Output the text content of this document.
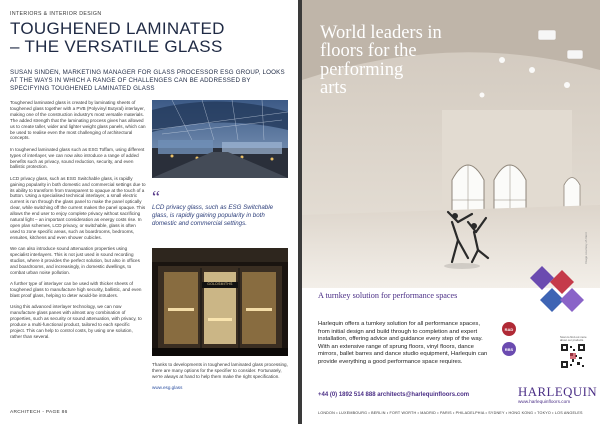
INTERIORS & INTERIOR DESIGN
TOUGHENED LAMINATED
– THE VERSATILE GLASS
SUSAN SINDEN, MARKETING MANAGER FOR GLASS PROCESSOR ESG GROUP, LOOKS AT THE WAYS IN WHICH A RANGE OF CHALLENGES CAN BE ADDRESSED BY SPECIFYING TOUGHENED LAMINATED GLASS

Toughened laminated glass is created by laminating sheets of toughened glass together with a PVB (Polyvinyl Butyral) interlayer, making one of the construction industry's most versatile materials. The added strength that the laminating process gives has allowed us to create taller, wider and lighter weight glass panels, which can be used to realise even the most challenging of architectural concepts.

In toughened laminated glass such as ESG Toffam, using different types of interlayer, we can now also introduce a range of added benefits such as privacy, sound reduction, security, and even ballistic protection.

LCD privacy glass, such as ESG Switchable glass, is rapidly gaining popularity in both domestic and commercial settings due to its ability to transform from transparent to opaque at the touch of a button. Using a specialised technical interlayer, a small electric current is run through the glass panel to make the panel optically clear, while switching off the current makes the panel opaque. This allows the end user to enjoy complete privacy without sacrificing natural light – an important consideration as energy costs rise. In open plan schemes, LCD privacy, or switchable, glass is often used to zone specific areas, such as boardrooms, bedrooms, ensuites, kitchens and even shower cubicles.

We can also introduce sound attenuation properties using specialist interlayers. This is not just used in sound recording studios, where it provides the perfect solution, but also in offices and boardrooms, and increasingly, in domestic dwellings, to combat urban noise pollution.

A further type of interlayer can be used with thicker sheets of toughened glass to manufacture high security, ballistic, and even blast proof glass, helping to deter would-be intruders.

Using this advanced interlayer technology, we can now manufacture glass panes with almost any combination of properties, such as security or sound attenuation, with privacy, to produce a multi-functional product, tailored to each specific project. This can help to control costs, by using one solution, rather than several.

“
LCD privacy glass, such as ESG Switchable glass, is rapidly gaining popularity in both domestic and commercial settings.
GOLDSMITHS
Thanks to developments in toughened laminated glass processing, there are many options for the specifier to consider. Fortunately, we're always at hand to help them make the right specification.
www.esg.glass
ARCHITECH - PAGE 86
World leaders in
floors for the
performing
arts
A turnkey solution for performance spaces
Harlequin offers a turnkey solution for all performance spaces, from initial design and build through to completion and expert installation, offering advice and guidance every step of the way. With an extensive range of sprung floors, vinyl floors, dance mirrors, ballet barres and dance studio equipment, Harlequin can provide everything a good performance space requires.
RAD
RBS
Scan to find out more about our products
+44 (0) 1892 514 888 architects@harlequinfloors.com	HARLEQUIN
www.harlequinfloors.com
LONDON • LUXEMBOURG • BERLIN • FORT WORTH • MADRID • PARIS • PHILADELPHIA • SYDNEY • HONG KONG • TOKYO • LOS ANGELES
Image courtesy of client
